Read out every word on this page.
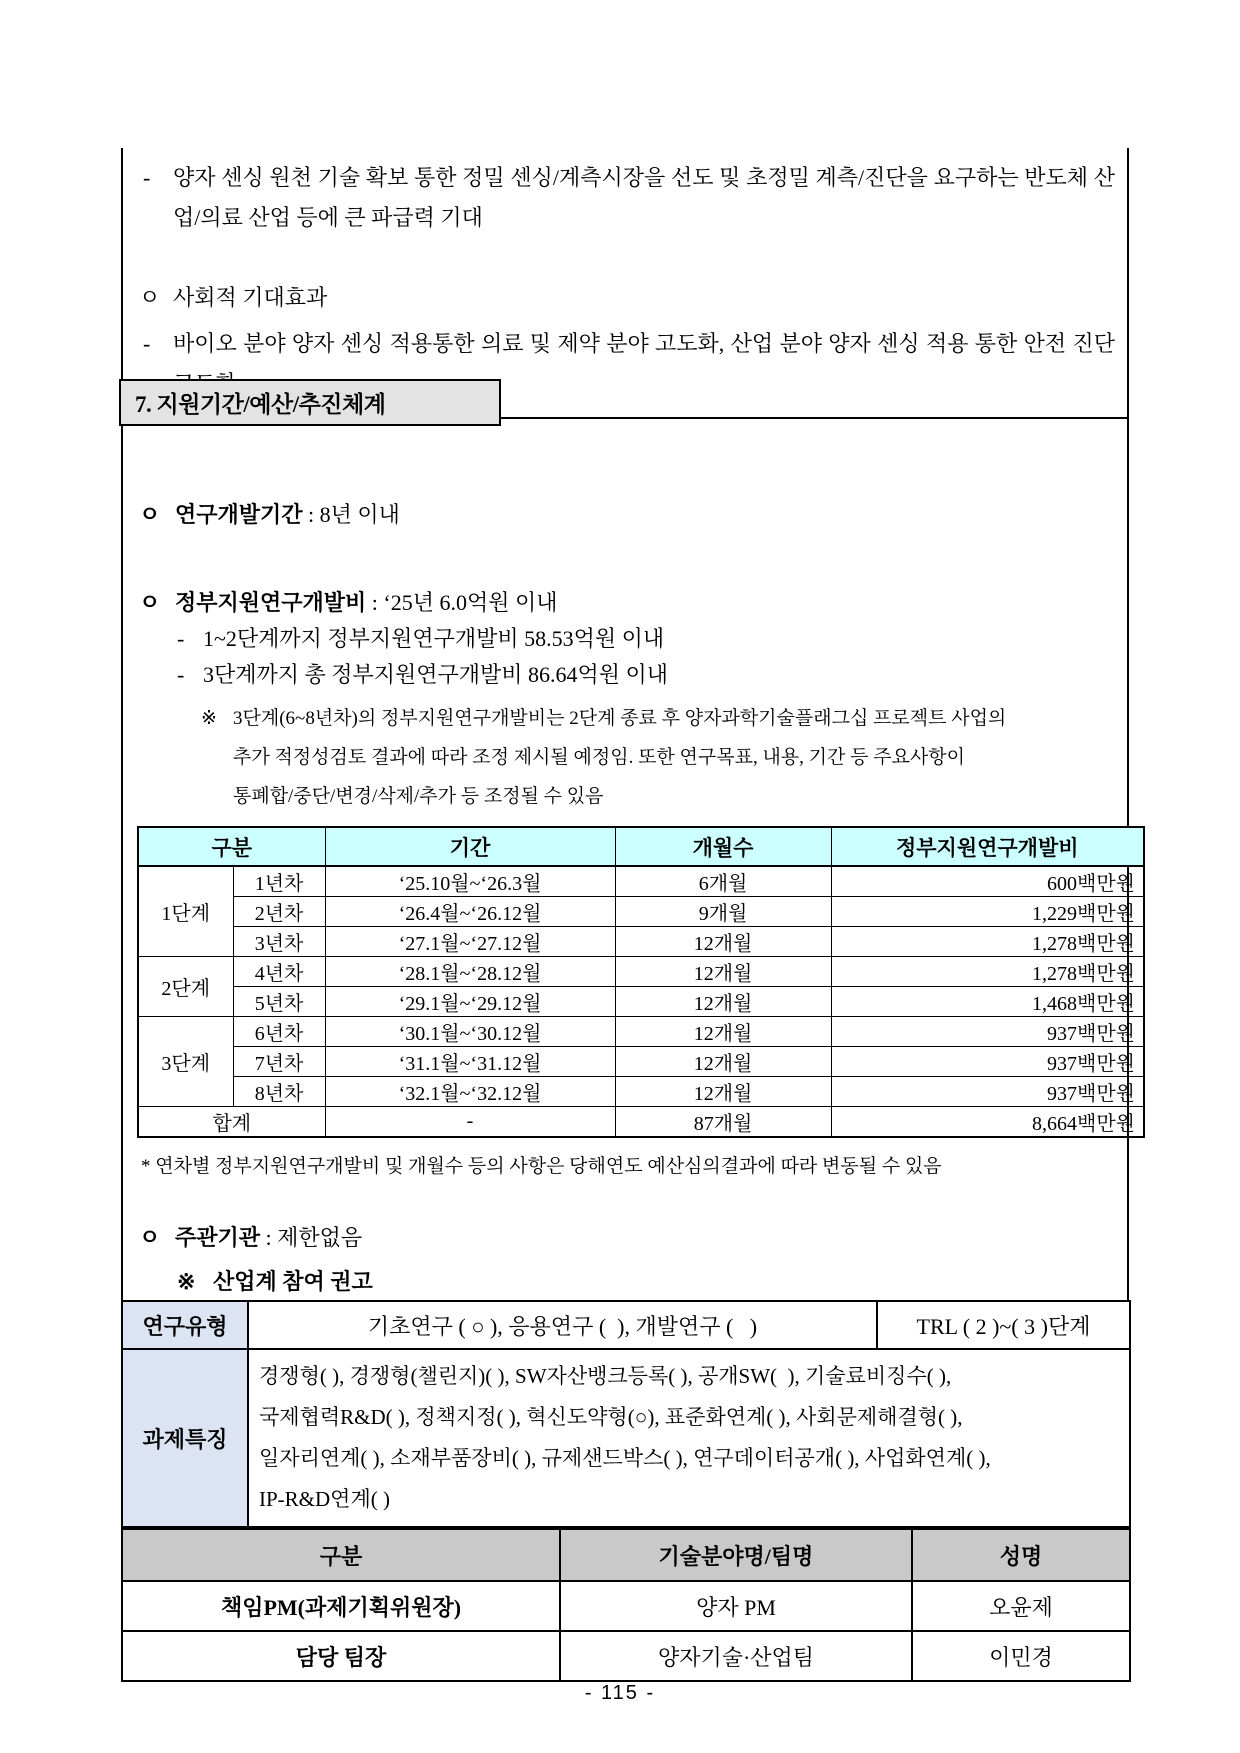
-	양자 센싱 원천 기술 확보 통한 정밀 센싱/계측시장을 선도 및 초정밀 계측/진단을 요구하는 반도체 산업/의료 산업 등에 큰 파급력 기대
ㅇ 사회적 기대효과
-	바이오 분야 양자 센싱 적용통한 의료 및 제약 분야 고도화, 산업 분야 양자 센싱 적용 통한 안전 진단
7. 지원기간/예산/추진체계
ㅇ 연구개발기간 : 8년 이내
ㅇ 정부지원연구개발비 : ‘25년 6.0억원 이내
- 1~2단계까지 정부지원연구개발비 58.53억원 이내
- 3단계까지 총 정부지원연구개발비 86.64억원 이내
※ 3단계(6~8년차)의 정부지원연구개발비는 2단계 종료 후 양자과학기술플래그십 프로젝트 사업의
추가 적정성검토 결과에 따라 조정 제시될 예정임. 또한 연구목표, 내용, 기간 등 주요사항이
통폐합/중단/변경/삭제/추가 등 조정될 수 있음
구분		기간	개월수	정부지원연구개발비
1단계	1년차	‘25.10월~‘26.3월	6개월	600백만원
	2년차	‘26.4월~‘26.12월	9개월	1,229백만원
	3년차	‘27.1월~‘27.12월	12개월	1,278백만원
2단계	4년차	‘28.1월~‘28.12월	12개월	1,278백만원
	5년차	‘29.1월~‘29.12월	12개월	1,468백만원
3단계	6년차	‘30.1월~‘30.12월	12개월	937백만원
	7년차	‘31.1월~‘31.12월	12개월	937백만원
	8년차	‘32.1월~‘32.12월	12개월	937백만원
합계		-	87개월	8,664백만원
* 연차별 정부지원연구개발비 및 개월수 등의 사항은 당해연도 예산심의결과에 따라 변동될 수 있음
ㅇ 주관기관 : 제한없음
※ 산업계 참여 권고
연구유형	기초연구 ( ○ ), 응용연구 (  ), 개발연구 (   )	TRL ( 2 )~( 3 )단계
과제특징	경쟁형( ), 경쟁형(챌린지)( ), SW자산뱅크등록( ), 공개SW(  ), 기술료비징수( ),
국제협력R&D( ), 정책지정( ), 혁신도약형(○), 표준화연계( ), 사회문제해결형( ),
일자리연계( ), 소재부품장비( ), 규제샌드박스( ), 연구데이터공개( ), 사업화연계( ),
IP-R&D연계( )	
구분	기술분야명/팀명	성명
책임PM(과제기획위원장)	양자 PM	오윤제
담당 팀장	양자기술·산업팀	이민경
- 115 -
